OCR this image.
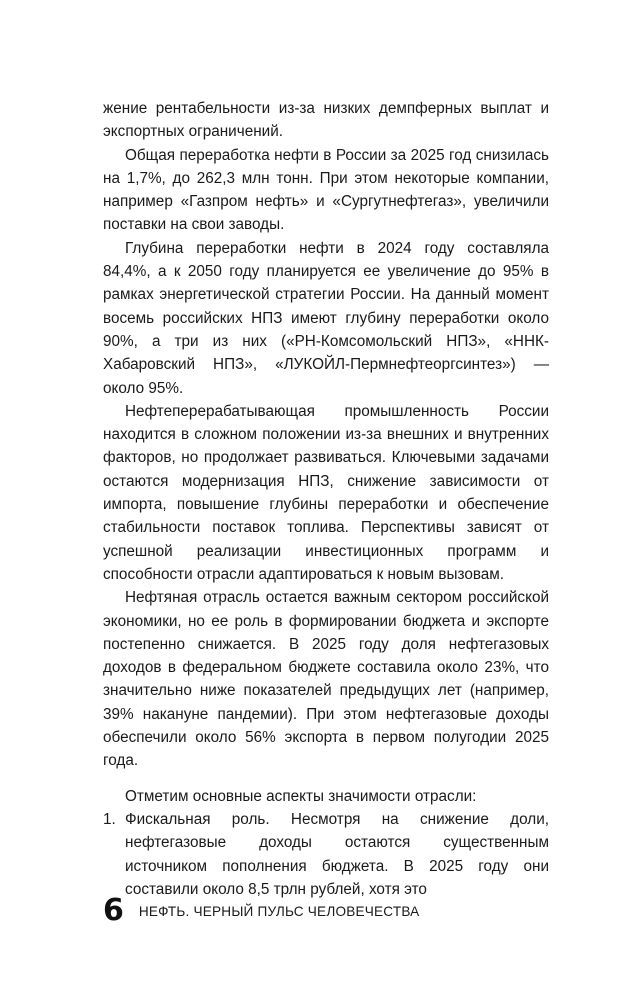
жение рентабельности из-за низких демпферных выплат и экспортных ограничений.

Общая переработка нефти в России за 2025 год снизилась на 1,7%, до 262,3 млн тонн. При этом некоторые компании, например «Газпром нефть» и «Сургутнефтегаз», увеличили поставки на свои заводы.

Глубина переработки нефти в 2024 году составляла 84,4%, а к 2050 году планируется ее увеличение до 95% в рамках энергетической стратегии России. На данный момент восемь российских НПЗ имеют глубину переработки около 90%, а три из них («РН-Комсомольский НПЗ», «ННК-Хабаровский НПЗ», «ЛУКОЙЛ-Пермнефтеоргсинтез») — около 95%.

Нефтеперерабатывающая промышленность России находится в сложном положении из-за внешних и внутренних факторов, но продолжает развиваться. Ключевыми задачами остаются модернизация НПЗ, снижение зависимости от импорта, повышение глубины переработки и обеспечение стабильности поставок топлива. Перспективы зависят от успешной реализации инвестиционных программ и способности отрасли адаптироваться к новым вызовам.

Нефтяная отрасль остается важным сектором российской экономики, но ее роль в формировании бюджета и экспорте постепенно снижается. В 2025 году доля нефтегазовых доходов в федеральном бюджете составила около 23%, что значительно ниже показателей предыдущих лет (например, 39% накануне пандемии). При этом нефтегазовые доходы обеспечили около 56% экспорта в первом полугодии 2025 года.

Отметим основные аспекты значимости отрасли:

1. Фискальная роль. Несмотря на снижение доли, нефтегазовые доходы остаются существенным источником пополнения бюджета. В 2025 году они составили около 8,5 трлн рублей, хотя это
6 НЕФТЬ. ЧЕРНЫЙ ПУЛЬС ЧЕЛОВЕЧЕСТВА
